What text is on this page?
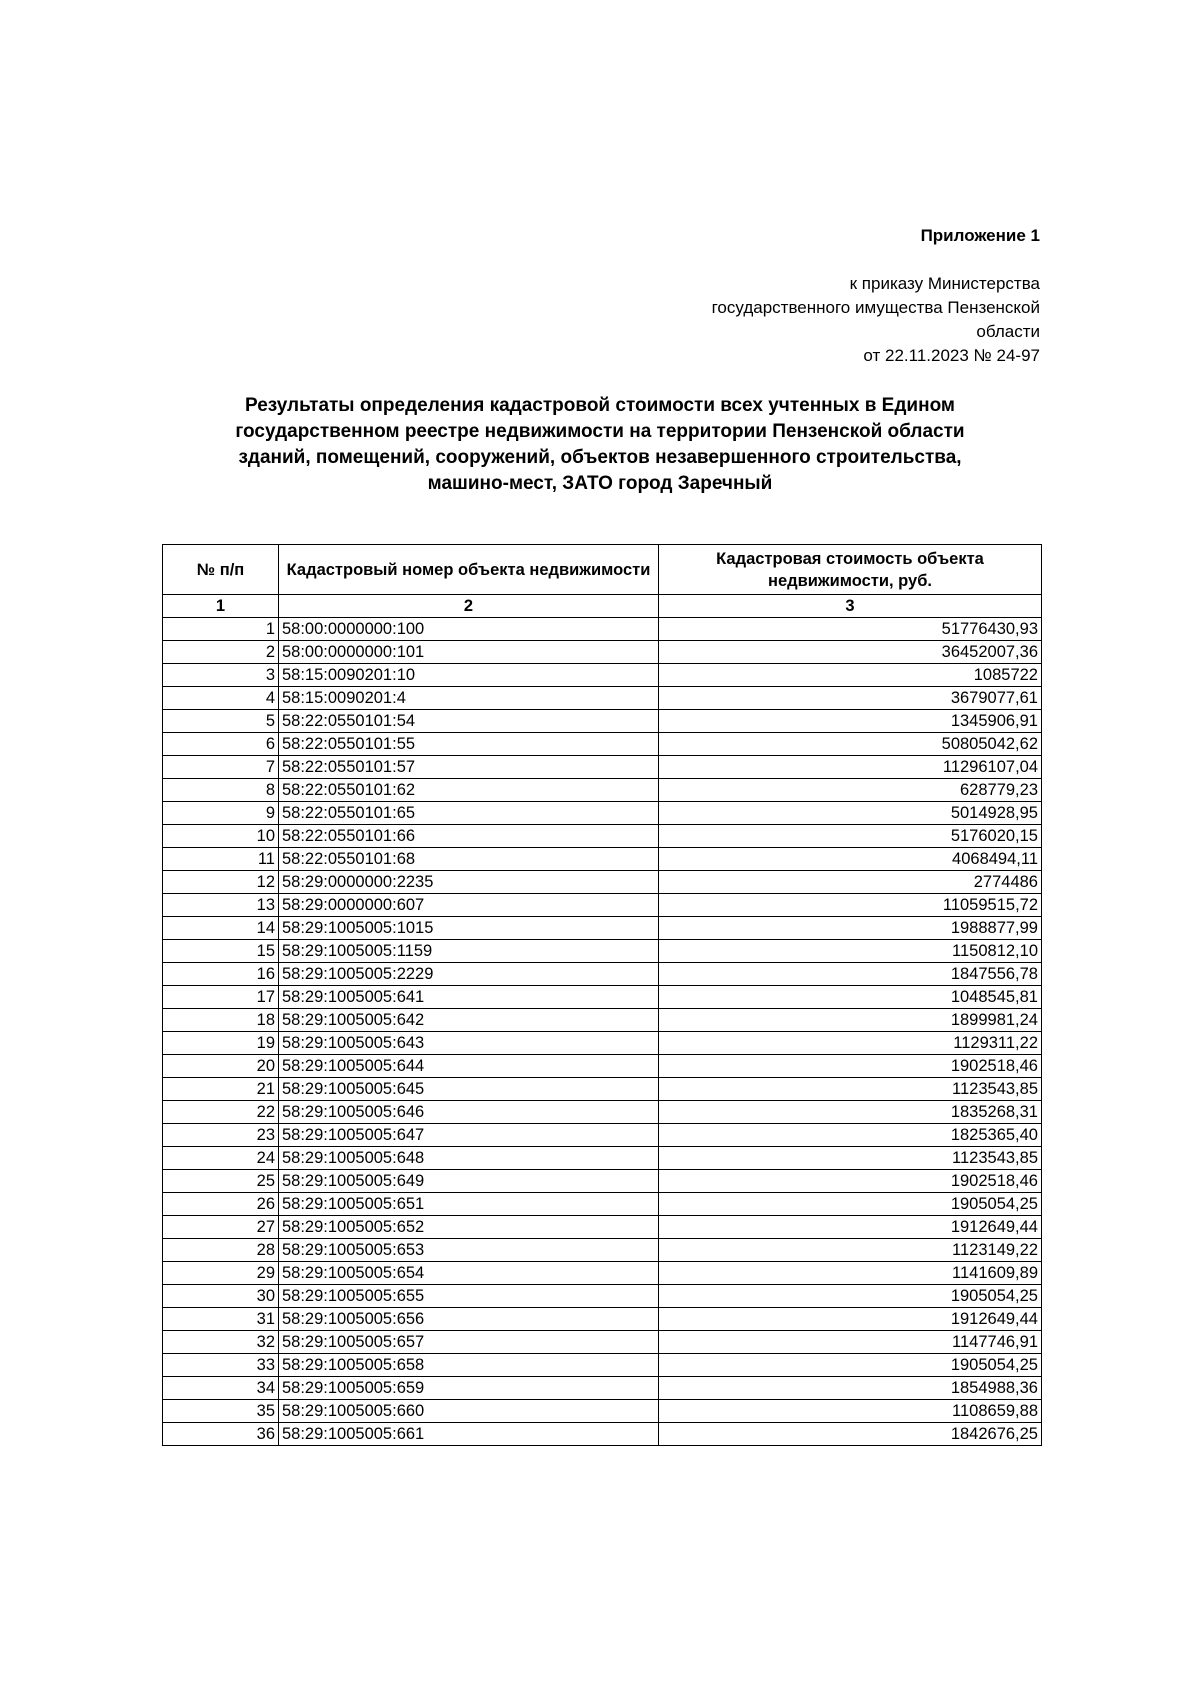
Приложение 1
к приказу Министерства
государственного имущества Пензенской
области
от 22.11.2023 № 24-97
Результаты определения кадастровой стоимости всех учтенных в Едином
государственном реестре недвижимости на территории Пензенской области
зданий, помещений, сооружений, объектов незавершенного строительства,
машино-мест, ЗАТО город Заречный
№ п/п	Кадастровый номер объекта недвижимости	Кадастровая стоимость объекта недвижимости, руб.
1	2	3
1	58:00:0000000:100	51776430,93
2	58:00:0000000:101	36452007,36
3	58:15:0090201:10	1085722
4	58:15:0090201:4	3679077,61
5	58:22:0550101:54	1345906,91
6	58:22:0550101:55	50805042,62
7	58:22:0550101:57	11296107,04
8	58:22:0550101:62	628779,23
9	58:22:0550101:65	5014928,95
10	58:22:0550101:66	5176020,15
11	58:22:0550101:68	4068494,11
12	58:29:0000000:2235	2774486
13	58:29:0000000:607	11059515,72
14	58:29:1005005:1015	1988877,99
15	58:29:1005005:1159	1150812,10
16	58:29:1005005:2229	1847556,78
17	58:29:1005005:641	1048545,81
18	58:29:1005005:642	1899981,24
19	58:29:1005005:643	1129311,22
20	58:29:1005005:644	1902518,46
21	58:29:1005005:645	1123543,85
22	58:29:1005005:646	1835268,31
23	58:29:1005005:647	1825365,40
24	58:29:1005005:648	1123543,85
25	58:29:1005005:649	1902518,46
26	58:29:1005005:651	1905054,25
27	58:29:1005005:652	1912649,44
28	58:29:1005005:653	1123149,22
29	58:29:1005005:654	1141609,89
30	58:29:1005005:655	1905054,25
31	58:29:1005005:656	1912649,44
32	58:29:1005005:657	1147746,91
33	58:29:1005005:658	1905054,25
34	58:29:1005005:659	1854988,36
35	58:29:1005005:660	1108659,88
36	58:29:1005005:661	1842676,25
